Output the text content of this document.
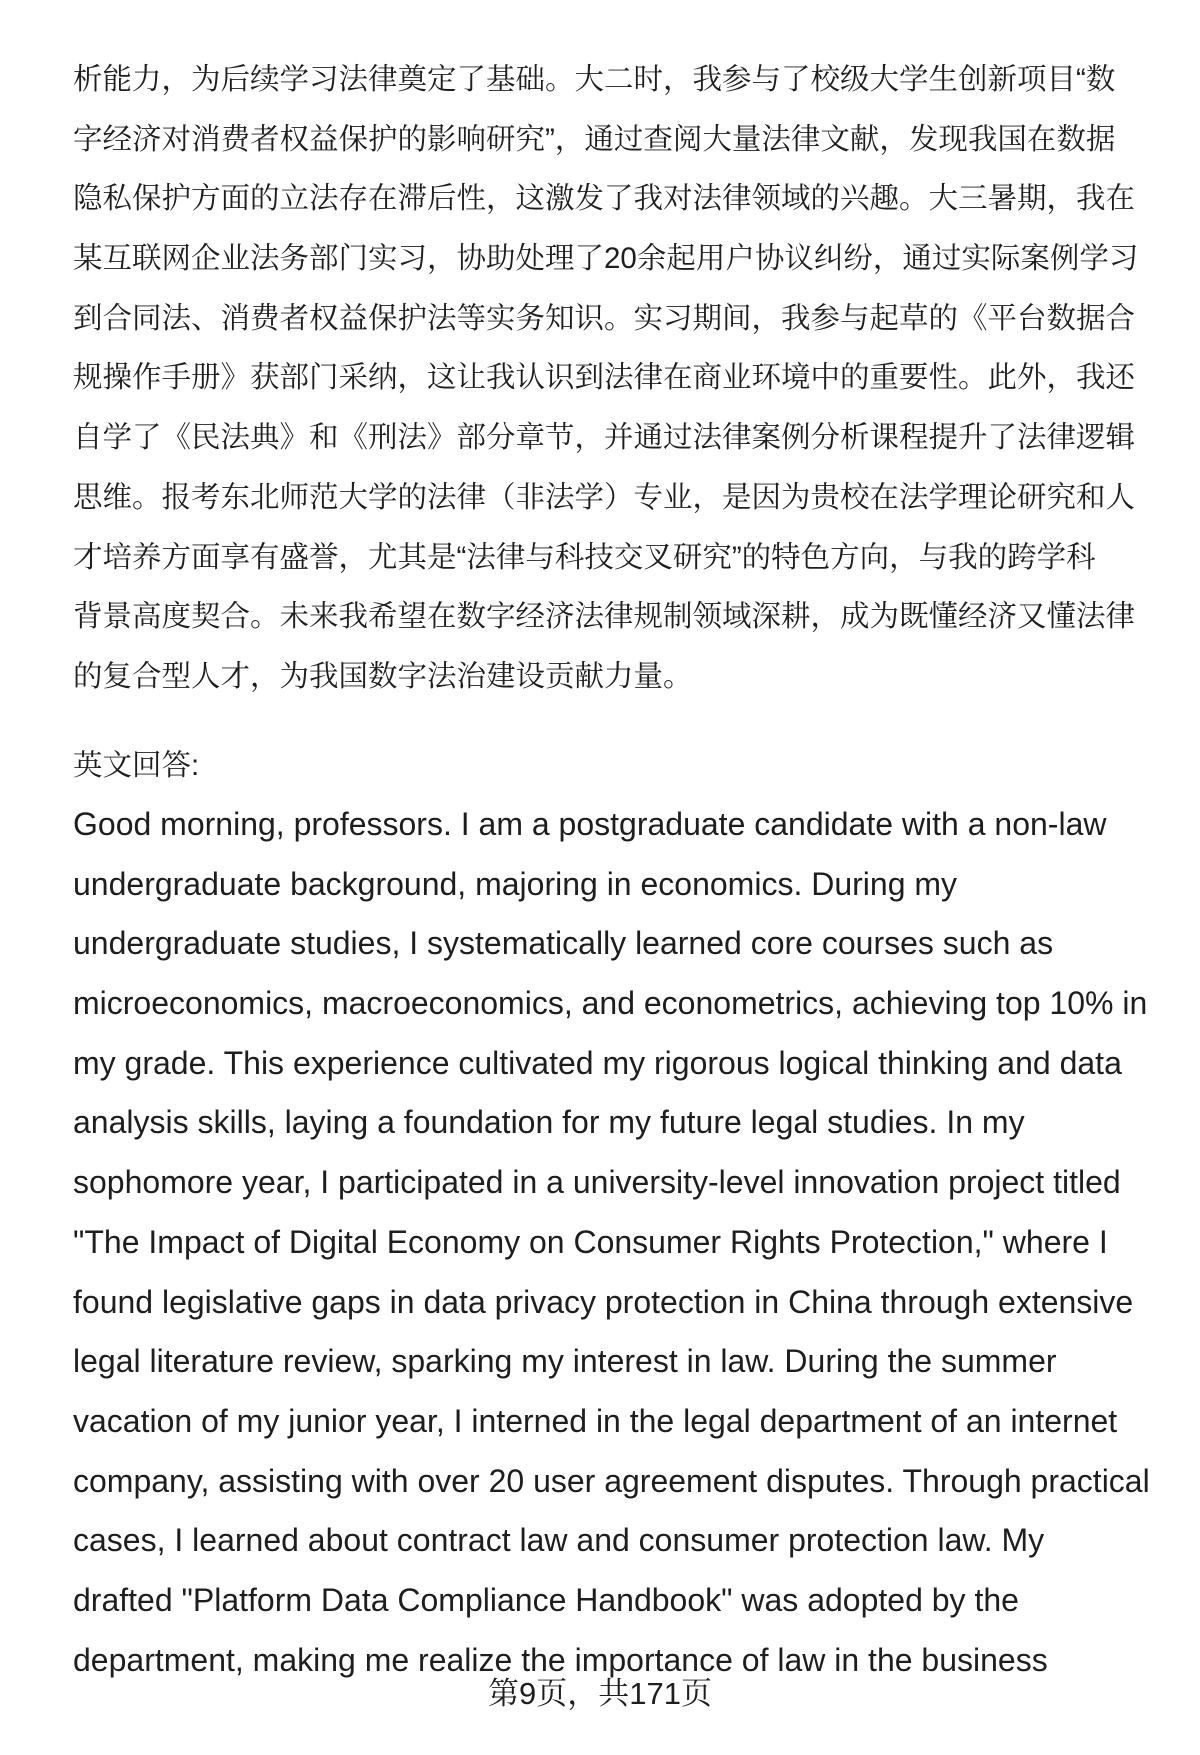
析能力，为后续学习法律奠定了基础。大二时，我参与了校级大学生创新项目“数
字经济对消费者权益保护的影响研究”，通过查阅大量法律文献，发现我国在数据
隐私保护方面的立法存在滞后性，这激发了我对法律领域的兴趣。大三暑期，我在
某互联网企业法务部门实习，协助处理了20余起用户协议纠纷，通过实际案例学习
到合同法、消费者权益保护法等实务知识。实习期间，我参与起草的《平台数据合
规操作手册》获部门采纳，这让我认识到法律在商业环境中的重要性。此外，我还
自学了《民法典》和《刑法》部分章节，并通过法律案例分析课程提升了法律逻辑
思维。报考东北师范大学的法律（非法学）专业，是因为贵校在法学理论研究和人
才培养方面享有盛誉，尤其是“法律与科技交叉研究”的特色方向，与我的跨学科
背景高度契合。未来我希望在数字经济法律规制领域深耕，成为既懂经济又懂法律
的复合型人才，为我国数字法治建设贡献力量。
英文回答:
Good morning, professors. I am a postgraduate candidate with a non-law
undergraduate background, majoring in economics. During my
undergraduate studies, I systematically learned core courses such as
microeconomics, macroeconomics, and econometrics, achieving top 10% in
my grade. This experience cultivated my rigorous logical thinking and data
analysis skills, laying a foundation for my future legal studies. In my
sophomore year, I participated in a university-level innovation project titled
"The Impact of Digital Economy on Consumer Rights Protection," where I
found legislative gaps in data privacy protection in China through extensive
legal literature review, sparking my interest in law. During the summer
vacation of my junior year, I interned in the legal department of an internet
company, assisting with over 20 user agreement disputes. Through practical
cases, I learned about contract law and consumer protection law. My
drafted "Platform Data Compliance Handbook" was adopted by the
department, making me realize the importance of law in the business
第9页，共171页
